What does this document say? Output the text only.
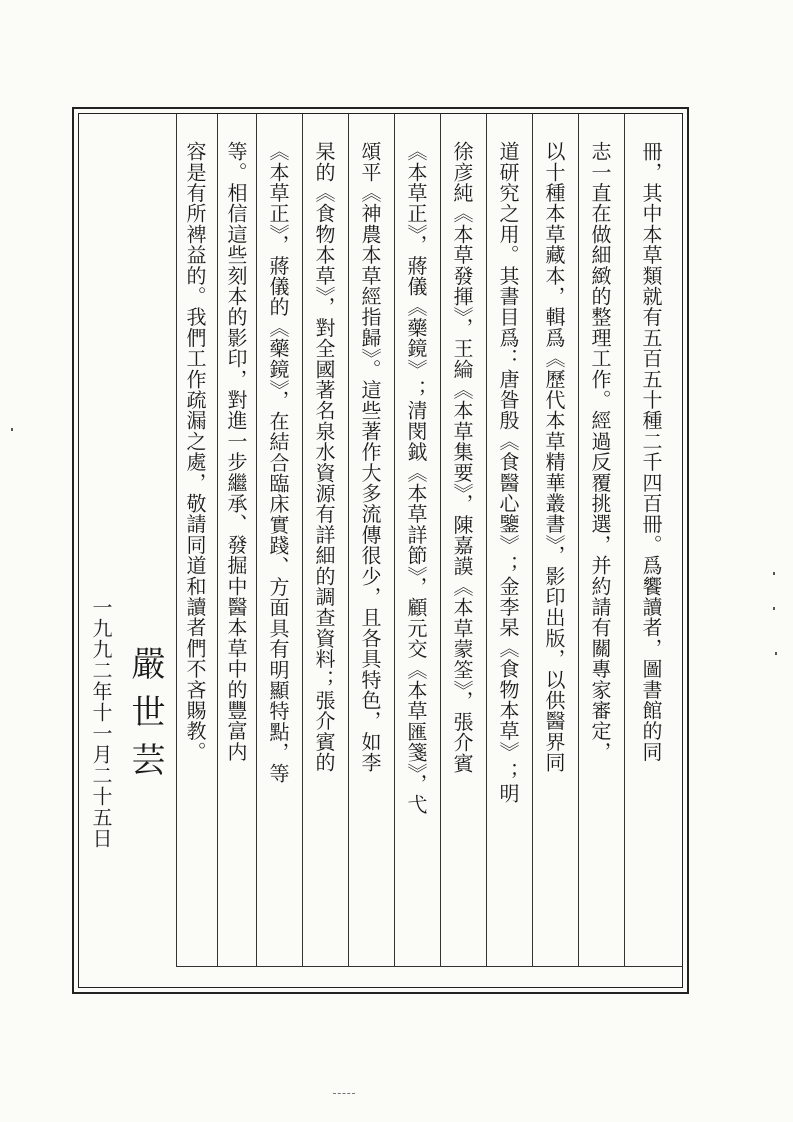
冊，其中本草類就有五百五十種二千四百冊。爲饗讀者，圖書館的同
志一直在做細緻的整理工作。經過反覆挑選，并約請有關專家審定，
以十種本草藏本，輯爲《歷代本草精華叢書》，影印出版，以供醫界同
道研究之用。其書目爲：唐昝殷《食醫心鑒》；金李杲《食物本草》；明
徐彦純《本草發揮》，王綸《本草集要》，陳嘉謨《本草蒙筌》，張介賓
《本草正》，蔣儀《藥鏡》；清閔鉞《本草詳節》，顧元交《本草匯箋》，弋
頌平《神農本草經指歸》。這些著作大多流傳很少，且各具特色，如李
杲的《食物本草》，對全國著名泉水資源有詳細的調查資料；張介賓的
《本草正》，蔣儀的《藥鏡》，在結合臨床實踐、方面具有明顯特點，等
等。相信這些刻本的影印，對進一步繼承、發掘中醫本草中的豐富内
容是有所裨益的。我們工作疏漏之處，敬請同道和讀者們不吝賜教。
嚴世芸
一九九二年十一月二十五日
